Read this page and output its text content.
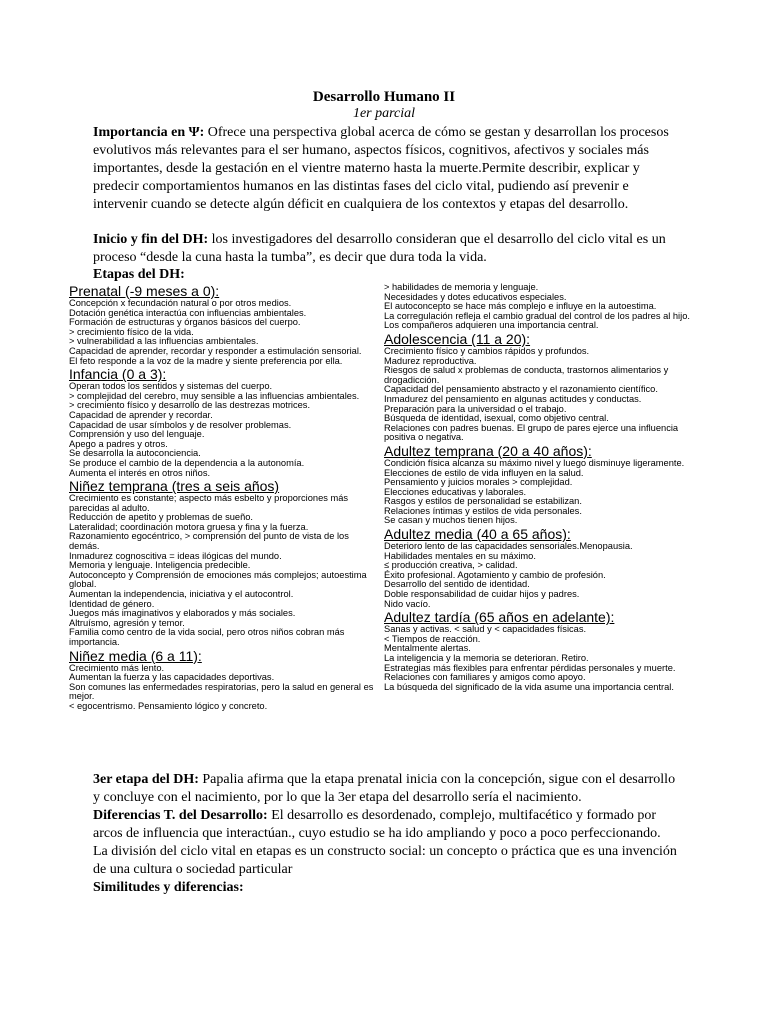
Desarrollo Humano II
1er parcial
Importancia en Ψ: Ofrece una perspectiva global acerca de cómo se gestan y desarrollan los procesos evolutivos más relevantes para el ser humano, aspectos físicos, cognitivos, afectivos y sociales más importantes, desde la gestación en el vientre materno hasta la muerte.Permite describir, explicar y predecir comportamientos humanos en las distintas fases del ciclo vital, pudiendo así prevenir e intervenir cuando se detecte algún déficit en cualquiera de los contextos y etapas del desarrollo.
Inicio y fin del DH: los investigadores del desarrollo consideran que el desarrollo del ciclo vital es un proceso “desde la cuna hasta la tumba”, es decir que dura toda la vida.
Etapas del DH:
Prenatal (-9 meses a 0):
Concepción x fecundación natural o por otros medios.
Dotación genética interactúa con influencias ambientales.
Formación de estructuras y órganos básicos del cuerpo.
> crecimiento físico de la vida.
> vulnerabilidad a las influencias ambientales.
Capacidad de aprender, recordar y responder a estimulación sensorial.
El feto responde a la voz de la madre y siente preferencia por ella.
Infancia (0 a 3):
Operan todos los sentidos y sistemas del cuerpo.
> complejidad del cerebro, muy sensible a las influencias ambientales.
> crecimiento físico y desarrollo de las destrezas motrices.
Capacidad de aprender y recordar.
Capacidad de usar símbolos y de resolver problemas.
Comprensión y uso del lenguaje.
Apego a padres y otros.
Se desarrolla la autoconciencia.
Se produce el cambio de la dependencia a la autonomía.
Aumenta el interés en otros niños.
Niñez temprana (tres a seis años)
Crecimiento es constante; aspecto más esbelto y proporciones más parecidas al adulto.
Reducción de apetito y problemas de sueño.
Lateralidad; coordinación motora gruesa y fina y la fuerza.
Razonamiento egocéntrico, > comprensión del punto de vista de los demás.
Inmadurez cognoscitiva = ideas ilógicas del mundo.
Memoria y lenguaje. Inteligencia predecible.
Autoconcepto y Comprensión de emociones más complejos; autoestima global.
Aumentan la independencia, iniciativa y el autocontrol.
Identidad de género.
Juegos más imaginativos y elaborados y más sociales.
Altruísmo, agresión y temor.
Familia como centro de la vida social, pero otros niños cobran más importancia.
Niñez media (6 a 11):
Crecimiento más lento.
Aumentan la fuerza y las capacidades deportivas.
Son comunes las enfermedades respiratorias, pero la salud en general es mejor.
< egocentrismo. Pensamiento lógico y concreto.
> habilidades de memoria y lenguaje.
Necesidades y dotes educativos especiales.
El autoconcepto se hace más complejo e influye en la autoestima.
La corregulación refleja el cambio gradual del control de los padres al hijo.
Los compañeros adquieren una importancia central.
Adolescencia (11 a 20):
Crecimiento físico y cambios rápidos y profundos.
Madurez reproductiva.
Riesgos de salud x problemas de conducta, trastornos alimentarios y drogadicción.
Capacidad del pensamiento abstracto y el razonamiento científico.
Inmadurez del pensamiento en algunas actitudes y conductas.
Preparación para la universidad o el trabajo.
Búsqueda de identidad, isexual, como objetivo central.
Relaciones con padres buenas. El grupo de pares ejerce una influencia positiva o negativa.
Adultez temprana (20 a 40 años):
Condición física alcanza su máximo nivel y luego disminuye ligeramente.
Elecciones de estilo de vida influyen en la salud.
Pensamiento y juicios morales > complejidad.
Elecciones educativas y laborales.
Rasgos y estilos de personalidad se estabilizan.
Relaciones íntimas y estilos de vida personales.
Se casan y muchos tienen hijos.
Adultez media (40 a 65 años):
Deterioro lento de las capacidades sensoriales.Menopausia.
Habilidades mentales en su máximo.
≤ producción creativa, > calidad.
Éxito profesional. Agotamiento y cambio de profesión.
Desarrollo del sentido de identidad.
Doble responsabilidad de cuidar hijos y padres.
Nido vacío.
Adultez tardía (65 años en adelante):
Sanas y activas. < salud y < capacidades físicas.
< Tiempos de reacción.
Mentalmente alertas.
La inteligencia y la memoria se deterioran. Retiro.
Estrategias más flexibles para enfrentar pérdidas personales y muerte.
Relaciones con familiares y amigos como apoyo.
La búsqueda del significado de la vida asume una importancia central.

3er etapa del DH: Papalia afirma que la etapa prenatal inicia con la concepción, sigue con el desarrollo y concluye con el nacimiento, por lo que la 3er etapa del desarrollo sería el nacimiento.

Diferencias T. del Desarrollo: El desarrollo es desordenado, complejo, multifacético y formado por arcos de influencia que interactúan., cuyo estudio se ha ido ampliando y poco a poco perfeccionando.

La división del ciclo vital en etapas es un constructo social: un concepto o práctica que es una invención de una cultura o sociedad particular

Similitudes y diferencias:
